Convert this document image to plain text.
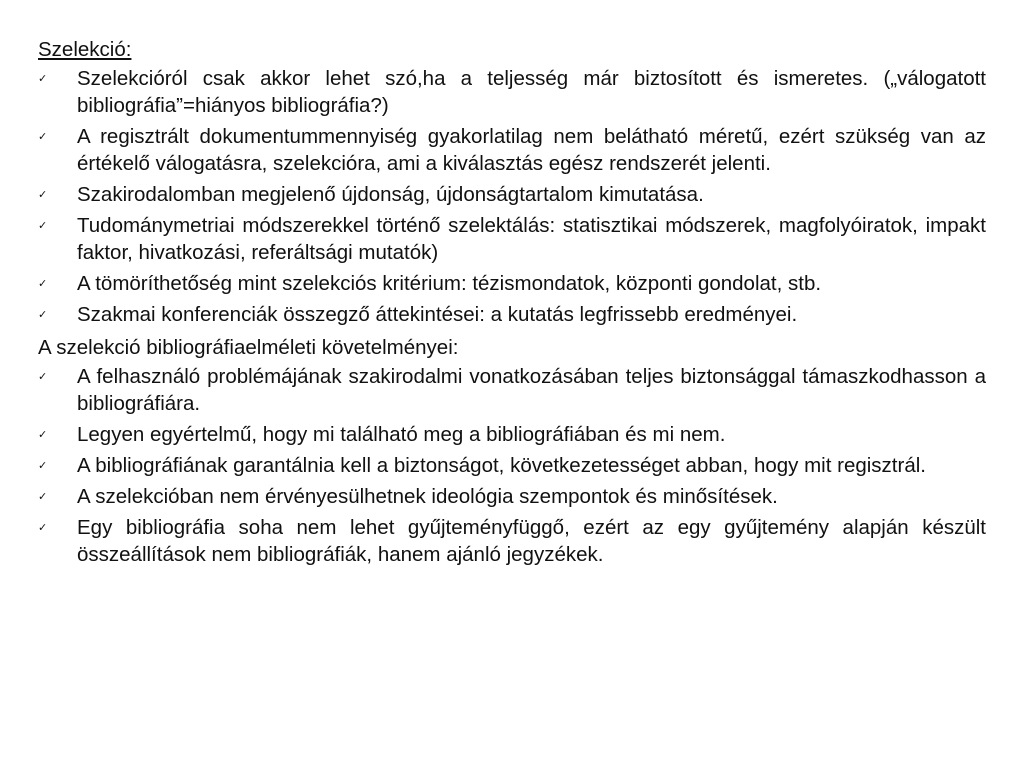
Szelekció:
✓ Szelekcióról csak akkor lehet szó,ha a teljesség már biztosított és ismeretes. („válogatott bibliográfia”=hiányos bibliográfia?)
✓ A regisztrált dokumentummennyiség gyakorlatilag nem belátható méretű, ezért szükség van az értékelő válogatásra, szelekcióra, ami a kiválasztás egész rendszerét jelenti.
✓ Szakirodalomban megjelenő újdonság, újdonságtartalom kimutatása.
✓ Tudománymetriai módszerekkel történő szelektálás: statisztikai módszerek, magfolyóiratok, impakt faktor, hivatkozási, referáltsági mutatók)
✓ A tömöríthetőség mint szelekciós kritérium: tézismondatok, központi gondolat, stb.
✓ Szakmai konferenciák összegző áttekintései: a kutatás legfrissebb eredményei.
A szelekció bibliográfiaelméleti követelményei:
✓ A felhasználó problémájának szakirodalmi vonatkozásában teljes biztonsággal támaszkodhasson a bibliográfiára.
✓ Legyen egyértelmű, hogy mi található meg a bibliográfiában és mi nem.
✓ A bibliográfiának garantálnia kell a biztonságot, következetességet abban, hogy mit regisztrál.
✓ A szelekcióban nem érvényesülhetnek ideológia szempontok és minősítések.
✓ Egy bibliográfia soha nem lehet gyűjteményfüggő, ezért az egy gyűjtemény alapján készült összeállítások nem bibliográfiák, hanem ajánló jegyzékek.
